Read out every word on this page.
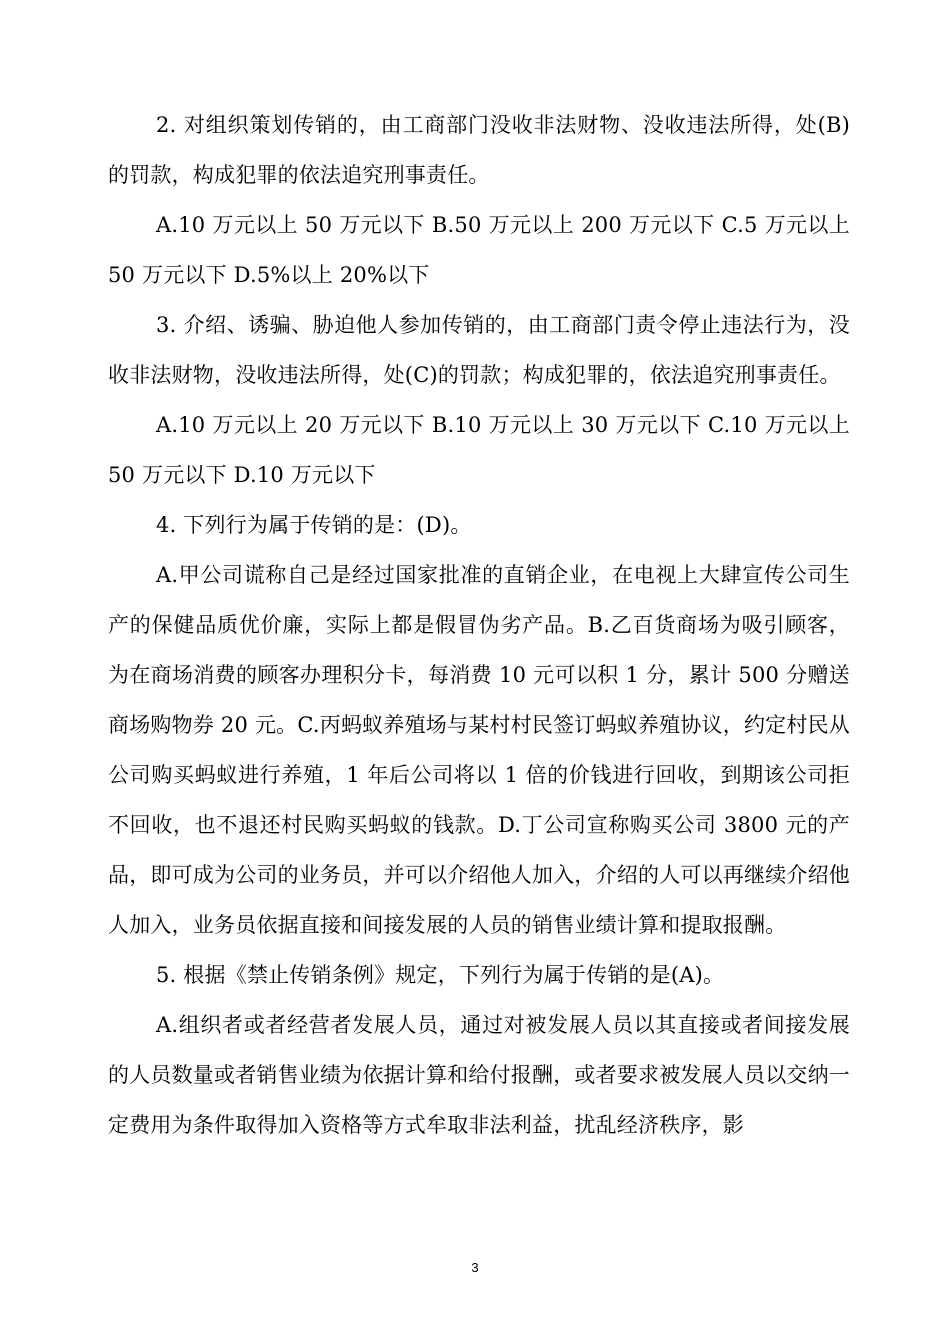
2. 对组织策划传销的，由工商部门没收非法财物、没收违法所得，处(B)的罚款，构成犯罪的依法追究刑事责任。

A.10 万元以上 50 万元以下 B.50 万元以上 200 万元以下 C.5 万元以上 50 万元以下 D.5%以上 20%以下

3. 介绍、诱骗、胁迫他人参加传销的，由工商部门责令停止违法行为，没收非法财物，没收违法所得，处(C)的罚款；构成犯罪的，依法追究刑事责任。

A.10 万元以上 20 万元以下 B.10 万元以上 30 万元以下 C.10 万元以上 50 万元以下 D.10 万元以下

4. 下列行为属于传销的是：(D)。

A.甲公司谎称自己是经过国家批准的直销企业，在电视上大肆宣传公司生产的保健品质优价廉，实际上都是假冒伪劣产品。B.乙百货商场为吸引顾客，为在商场消费的顾客办理积分卡，每消费 10 元可以积 1 分，累计 500 分赠送商场购物券 20 元。C.丙蚂蚁养殖场与某村村民签订蚂蚁养殖协议，约定村民从公司购买蚂蚁进行养殖，1 年后公司将以 1 倍的价钱进行回收，到期该公司拒不回收，也不退还村民购买蚂蚁的钱款。D.丁公司宣称购买公司 3800 元的产品，即可成为公司的业务员，并可以介绍他人加入，介绍的人可以再继续介绍他人加入，业务员依据直接和间接发展的人员的销售业绩计算和提取报酬。

5. 根据《禁止传销条例》规定，下列行为属于传销的是(A)。

A.组织者或者经营者发展人员，通过对被发展人员以其直接或者间接发展的人员数量或者销售业绩为依据计算和给付报酬，或者要求被发展人员以交纳一定费用为条件取得加入资格等方式牟取非法利益，扰乱经济秩序，影

3
